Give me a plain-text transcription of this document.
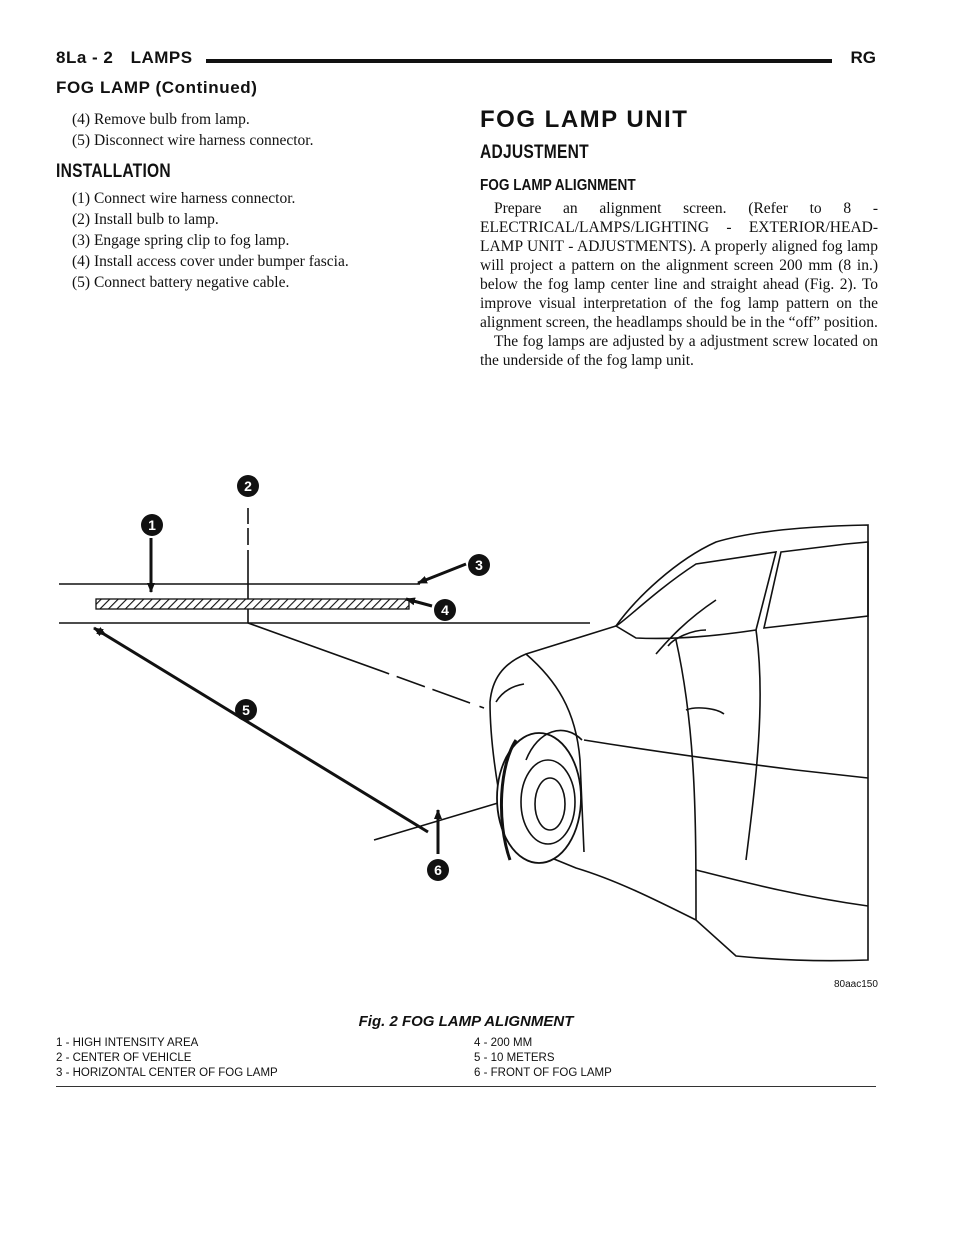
8La - 2 LAMPS	RG
FOG LAMP (Continued)

(4) Remove bulb from lamp.

(5) Disconnect wire harness connector.

INSTALLATION

(1) Connect wire harness connector.

(2) Install bulb to lamp.

(3) Engage spring clip to fog lamp.

(4) Install access cover under bumper fascia.

(5) Connect battery negative cable.

FOG LAMP UNIT
ADJUSTMENT
FOG LAMP ALIGNMENT

Prepare an alignment screen. (Refer to 8 - ELECTRICAL/LAMPS/LIGHTING - EXTERIOR/HEAD-LAMP UNIT - ADJUSTMENTS). A properly aligned fog lamp will project a pattern on the alignment screen 200 mm (8 in.) below the fog lamp center line and straight ahead (Fig. 2). To improve visual interpretation of the fog lamp pattern on the alignment screen, the headlamps should be in the “off” position.

The fog lamps are adjusted by a adjustment screw located on the underside of the fog lamp unit.

1
2
3
4
5
6
80aac150
Fig. 2 FOG LAMP ALIGNMENT
1 - HIGH INTENSITY AREA
2 - CENTER OF VEHICLE
3 - HORIZONTAL CENTER OF FOG LAMP
4 - 200 MM
5 - 10 METERS
6 - FRONT OF FOG LAMP
